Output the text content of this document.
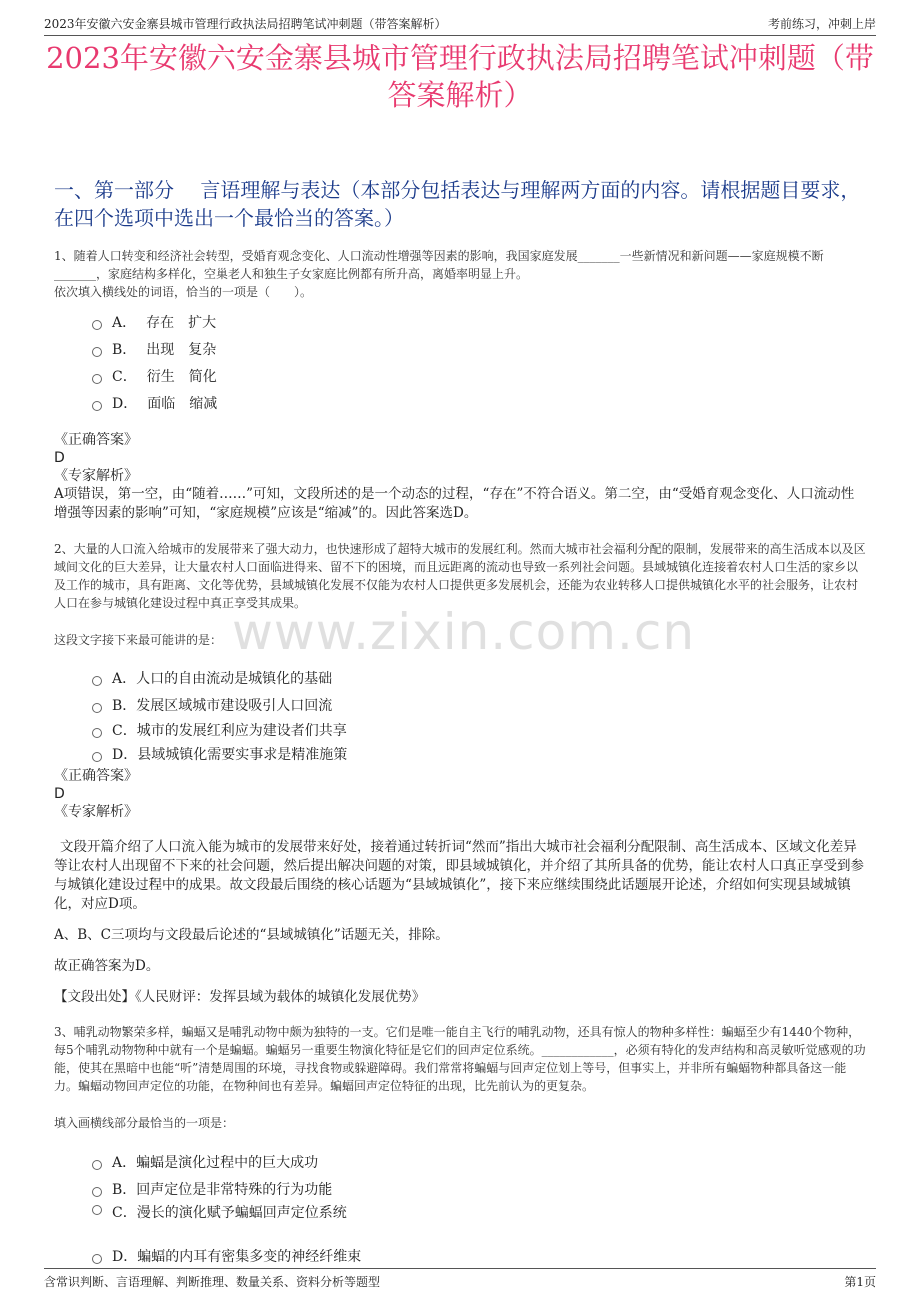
2023年安徽六安金寨县城市管理行政执法局招聘笔试冲刺题（带答案解析）	考前练习，冲刺上岸
2023年安徽六安金寨县城市管理行政执法局招聘笔试冲刺题（带答案解析）
一、第一部分　 言语理解与表达（本部分包括表达与理解两方面的内容。请根据题目要求，在四个选项中选出一个最恰当的答案。）

1、随着人口转变和经济社会转型，受婚育观念变化、人口流动性增强等因素的影响，我国家庭发展_______一些新情况和新问题——家庭规模不断_______，家庭结构多样化，空巢老人和独生子女家庭比例都有所升高，离婚率明显上升。

依次填入横线处的词语，恰当的一项是（　　）。

A． 存在 扩大
B． 出现 复杂
C． 衍生 简化
D． 面临 缩减

《正确答案》

D

《专家解析》

A项错误，第一空，由“随着……”可知，文段所述的是一个动态的过程，“存在”不符合语义。第二空，由“受婚育观念变化、人口流动性增强等因素的影响”可知，“家庭规模”应该是“缩减”的。因此答案选D。

2、大量的人口流入给城市的发展带来了强大动力，也快速形成了超特大城市的发展红利。然而大城市社会福利分配的限制，发展带来的高生活成本以及区域间文化的巨大差异，让大量农村人口面临进得来、留不下的困境，而且远距离的流动也导致一系列社会问题。县域城镇化连接着农村人口生活的家乡以及工作的城市，具有距离、文化等优势，县域城镇化发展不仅能为农村人口提供更多发展机会，还能为农业转移人口提供城镇化水平的社会服务，让农村人口在参与城镇化建设过程中真正享受其成果。

这段文字接下来最可能讲的是：

A．人口的自由流动是城镇化的基础
B．发展区域城市建设吸引人口回流
C．城市的发展红利应为建设者们共享
D．县域城镇化需要实事求是精准施策

《正确答案》

D

《专家解析》

文段开篇介绍了人口流入能为城市的发展带来好处，接着通过转折词“然而”指出大城市社会福利分配限制、高生活成本、区域文化差异等让农村人出现留不下来的社会问题，然后提出解决问题的对策，即县域城镇化，并介绍了其所具备的优势，能让农村人口真正享受到参与城镇化建设过程中的成果。故文段最后围绕的核心话题为“县域城镇化”，接下来应继续围绕此话题展开论述，介绍如何实现县域城镇化，对应D项。

A、B、C三项均与文段最后论述的“县域城镇化”话题无关，排除。

故正确答案为D。

【文段出处】《人民财评：发挥县域为载体的城镇化发展优势》

3、哺乳动物繁荣多样，蝙蝠又是哺乳动物中颇为独特的一支。它们是唯一能自主飞行的哺乳动物，还具有惊人的物种多样性：蝙蝠至少有1440个物种，每5个哺乳动物物种中就有一个是蝙蝠。蝙蝠另一重要生物演化特征是它们的回声定位系统。____________，必须有特化的发声结构和高灵敏听觉感观的功能，使其在黑暗中也能“听”清楚周围的环境，寻找食物或躲避障碍。我们常常将蝙蝠与回声定位划上等号，但事实上，并非所有蝙蝠物种都具备这一能力。蝙蝠动物回声定位的功能，在物种间也有差异。蝙蝠回声定位特征的出现，比先前认为的更复杂。

填入画横线部分最恰当的一项是：

A．蝙蝠是演化过程中的巨大成功
B．回声定位是非常特殊的行为功能
C．漫长的演化赋予蝙蝠回声定位系统
D．蝙蝠的内耳有密集多变的神经纤维束
www.zixin.com.cn
含常识判断、言语理解、判断推理、数量关系、资料分析等题型	第1页
